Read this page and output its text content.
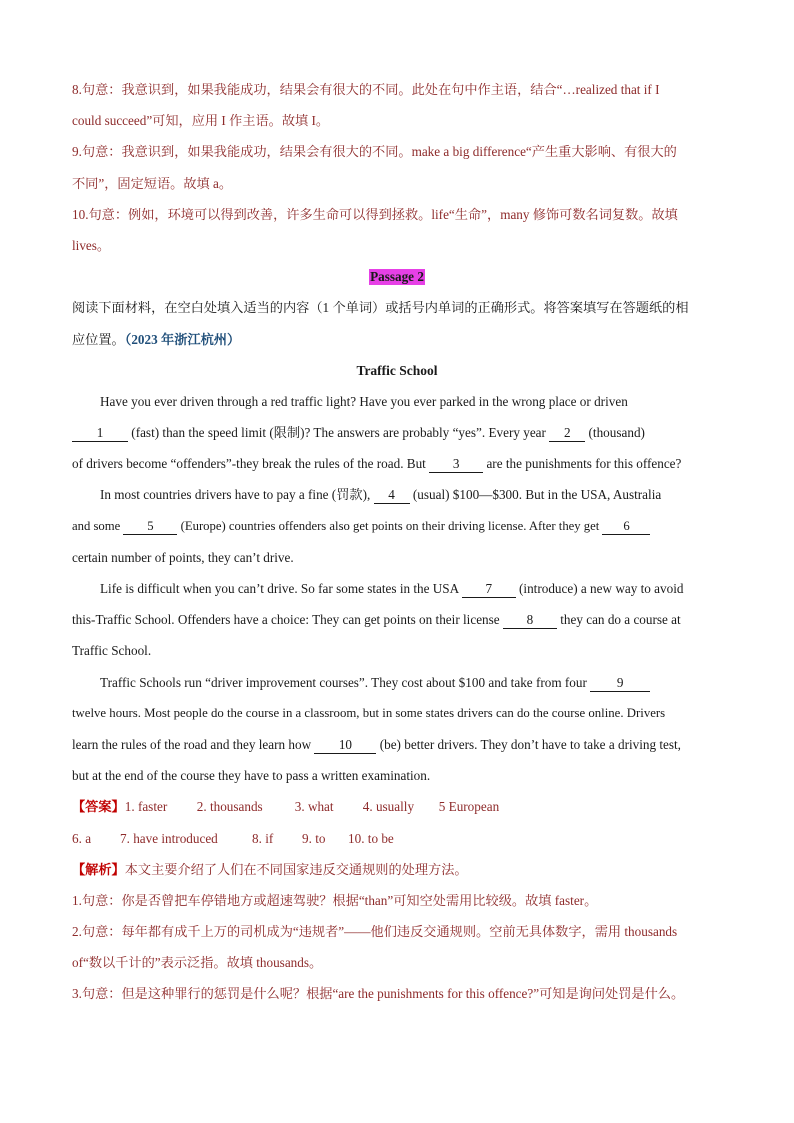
8.句意：我意识到，如果我能成功，结果会有很大的不同。此处在句中作主语，结合“…realized that if I
could succeed”可知，应用 I 作主语。故填 I。
9.句意：我意识到，如果我能成功，结果会有很大的不同。make a big difference“产生重大影响、有很大的
不同”，固定短语。故填 a。
10.句意：例如，环境可以得到改善，许多生命可以得到拯救。life“生命”，many 修饰可数名词复数。故填
lives。
Passage 2
阅读下面材料，在空白处填入适当的内容（1 个单词）或括号内单词的正确形式。将答案填写在答题纸的相
应位置。（2023 年浙江杭州）
Traffic School
Have you ever driven through a red traffic light? Have you ever parked in the wrong place or driven
1 (fast) than the speed limit (限制)? The answers are probably “yes”. Every year 2 (thousand)
of drivers become “offenders”-they break the rules of the road. But 3 are the punishments for this offence?
In most countries drivers have to pay a fine (罚款), 4 (usual) $100—$300. But in the USA, Australia
and some 5 (Europe) countries offenders also get points on their driving license. After they get 6
certain number of points, they can’t drive.
Life is difficult when you can’t drive. So far some states in the USA 7 (introduce) a new way to avoid
this-Traffic School. Offenders have a choice: They can get points on their license 8 they can do a course at
Traffic School.
Traffic Schools run “driver improvement courses”. They cost about $100 and take from four 9
twelve hours. Most people do the course in a classroom, but in some states drivers can do the course online. Drivers
learn the rules of the road and they learn how 10 (be) better drivers. They don’t have to take a driving test,
but at the end of the course they have to pass a written examination.
【答案】1. faster 2. thousands 3. what 4. usually 5 European
6. a 7. have introduced	8. if 9. to 10. to be
【解析】本文主要介绍了人们在不同国家违反交通规则的处理方法。
1.句意：你是否曾把车停错地方或超速驾驶？根据“than”可知空处需用比较级。故填 faster。
2.句意：每年都有成千上万的司机成为“违规者”——他们违反交通规则。空前无具体数字，需用 thousands
of“数以千计的”表示泛指。故填 thousands。
3.句意：但是这种罪行的惩罚是什么呢？根据“are the punishments for this offence?”可知是询问处罚是什么。
